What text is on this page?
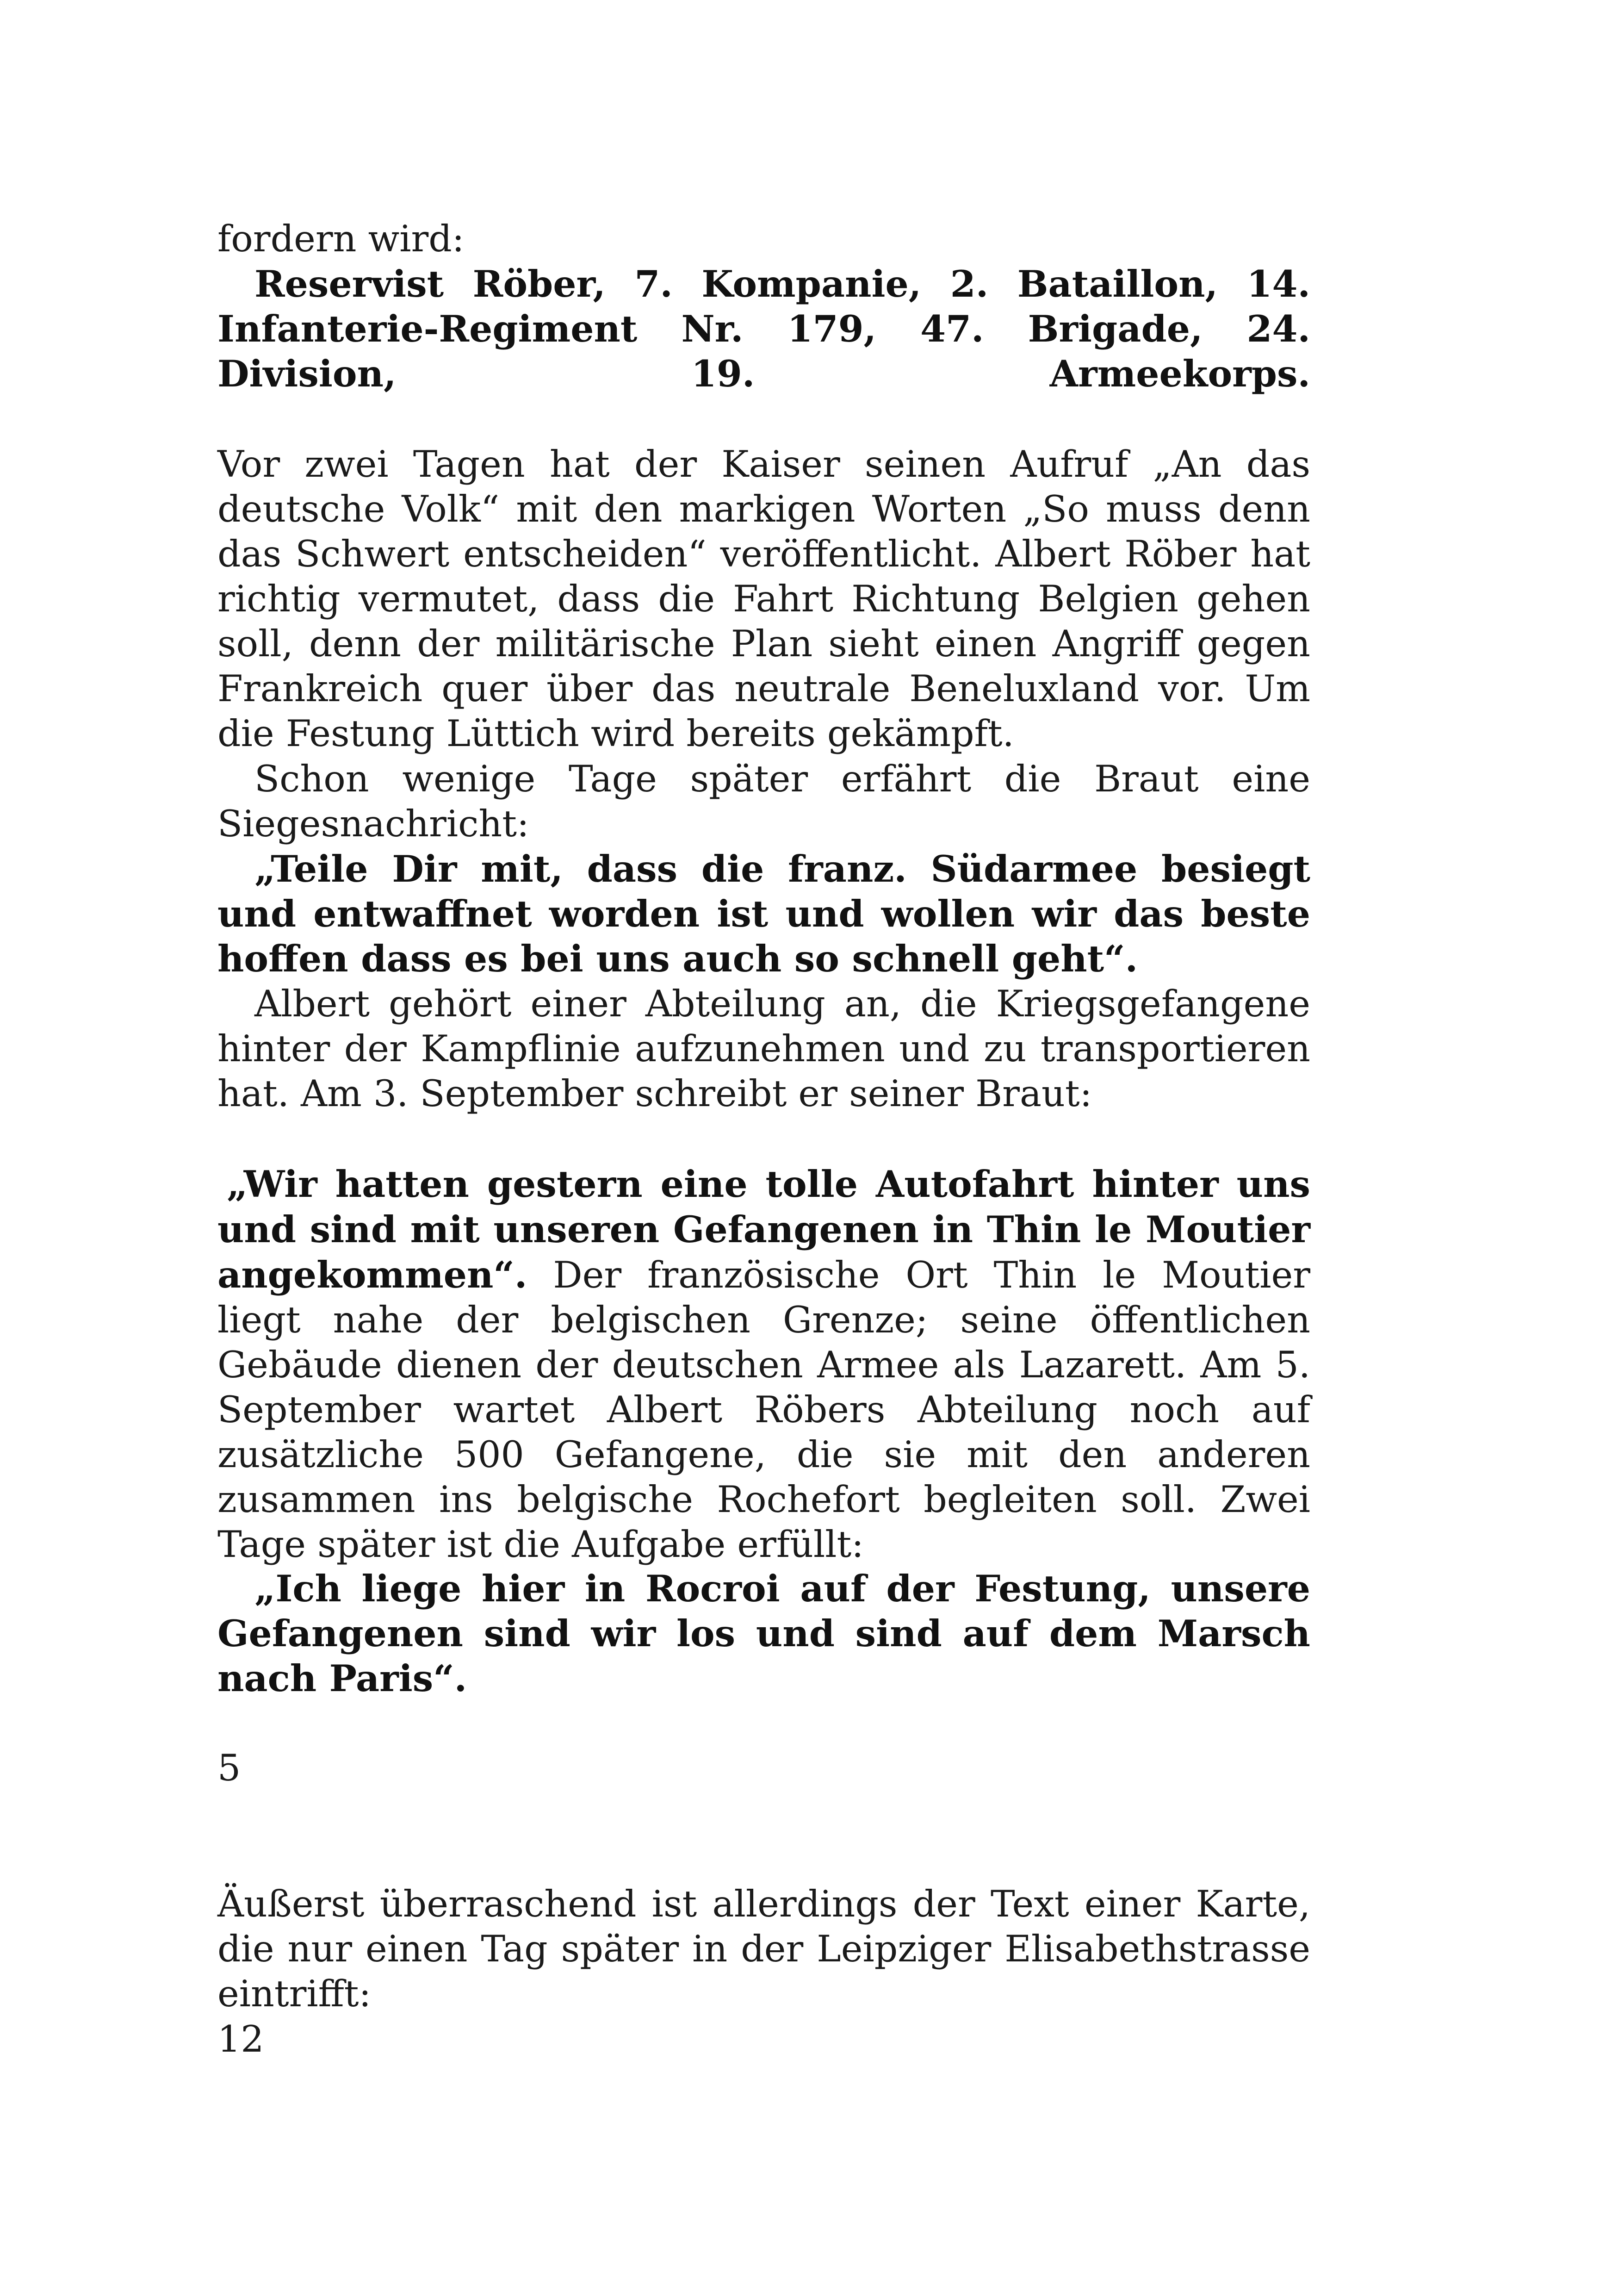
fordern wird:

Reservist Röber, 7. Kompanie, 2. Bataillon, 14. Infanterie-Regiment Nr. 179, 47. Brigade, 24. Division, 19. Armeekorps.

Vor zwei Tagen hat der Kaiser seinen Aufruf „An das deutsche Volk“ mit den markigen Worten „So muss denn das Schwert entscheiden“ veröffentlicht. Albert Röber hat richtig vermutet, dass die Fahrt Richtung Belgien gehen soll, denn der militärische Plan sieht einen Angriff gegen Frankreich quer über das neutrale Beneluxland vor. Um die Festung Lüttich wird bereits gekämpft.

Schon wenige Tage später erfährt die Braut eine Siegesnachricht:

„Teile Dir mit, dass die franz. Südarmee besiegt und entwaffnet worden ist und wollen wir das beste hoffen dass es bei uns auch so schnell geht“.

Albert gehört einer Abteilung an, die Kriegsgefangene hinter der Kampflinie aufzunehmen und zu transportieren hat. Am 3. September schreibt er seiner Braut:

„Wir hatten gestern eine tolle Autofahrt hinter uns und sind mit unseren Gefangenen in Thin le Moutier angekommen“. Der französische Ort Thin le Moutier liegt nahe der belgischen Grenze; seine öffentlichen Gebäude dienen der deutschen Armee als Lazarett. Am 5. September wartet Albert Röbers Abteilung noch auf zusätzliche 500 Gefangene, die sie mit den anderen zusammen ins belgische Rochefort begleiten soll. Zwei Tage später ist die Aufgabe erfüllt:

„Ich liege hier in Rocroi auf der Festung, unsere Gefangenen sind wir los und sind auf dem Marsch nach Paris“.

5

Äußerst überraschend ist allerdings der Text einer Karte, die nur einen Tag später in der Leipziger Elisabethstrasse eintrifft:

12
